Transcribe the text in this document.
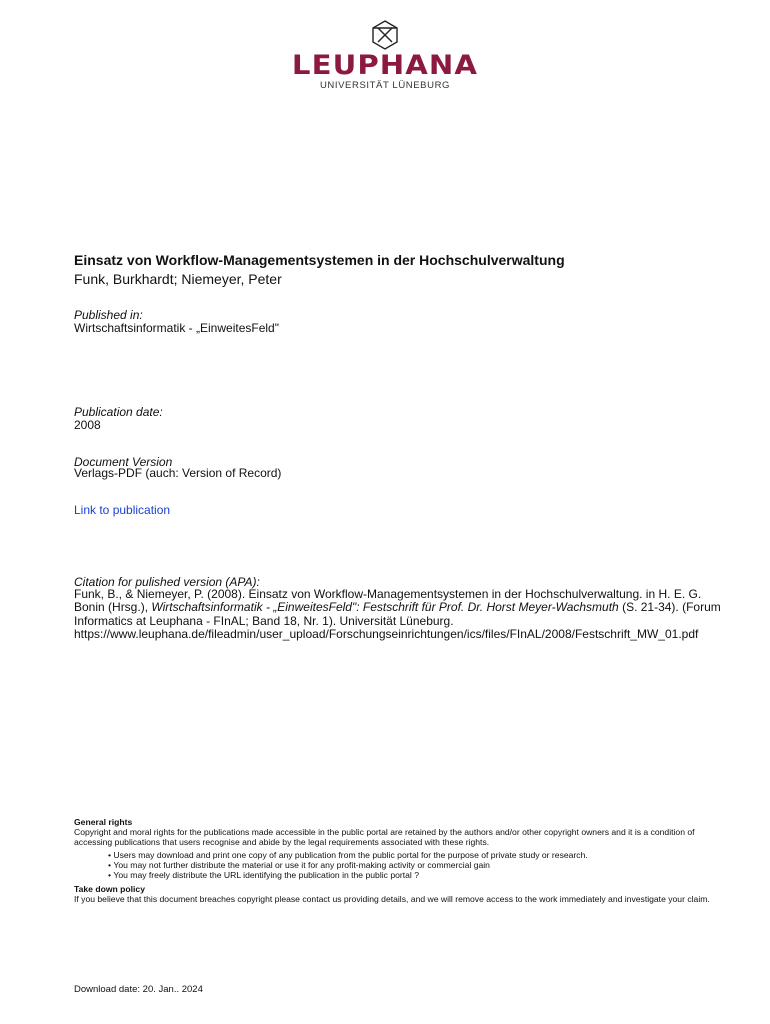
LEUPHANA
UNIVERSITÄT LÜNEBURG
Einsatz von Workflow-Managementsystemen in der Hochschulverwaltung
Funk, Burkhardt; Niemeyer, Peter
Published in:
Wirtschaftsinformatik - „EinweitesFeld"
Publication date:
2008
Document Version
Verlags-PDF (auch: Version of Record)
Link to publication
Citation for pulished version (APA):

Funk, B., & Niemeyer, P. (2008). Einsatz von Workflow-Managementsystemen in der Hochschulverwaltung. in H. E. G. Bonin (Hrsg.), Wirtschaftsinformatik - „EinweitesFeld": Festschrift für Prof. Dr. Horst Meyer-Wachsmuth (S. 21-34). (Forum Informatics at Leuphana - FInAL; Band 18, Nr. 1). Universität Lüneburg. https://www.leuphana.de/fileadmin/user_upload/Forschungseinrichtungen/ics/files/FInAL/2008/Festschrift_MW_01.pdf

General rights
Copyright and moral rights for the publications made accessible in the public portal are retained by the authors and/or other copyright owners and it is a condition of accessing publications that users recognise and abide by the legal requirements associated with these rights.
• Users may download and print one copy of any publication from the public portal for the purpose of private study or research.
• You may not further distribute the material or use it for any profit-making activity or commercial gain
• You may freely distribute the URL identifying the publication in the public portal ?
Take down policy
If you believe that this document breaches copyright please contact us providing details, and we will remove access to the work immediately and investigate your claim.
Download date: 20. Jan.. 2024
